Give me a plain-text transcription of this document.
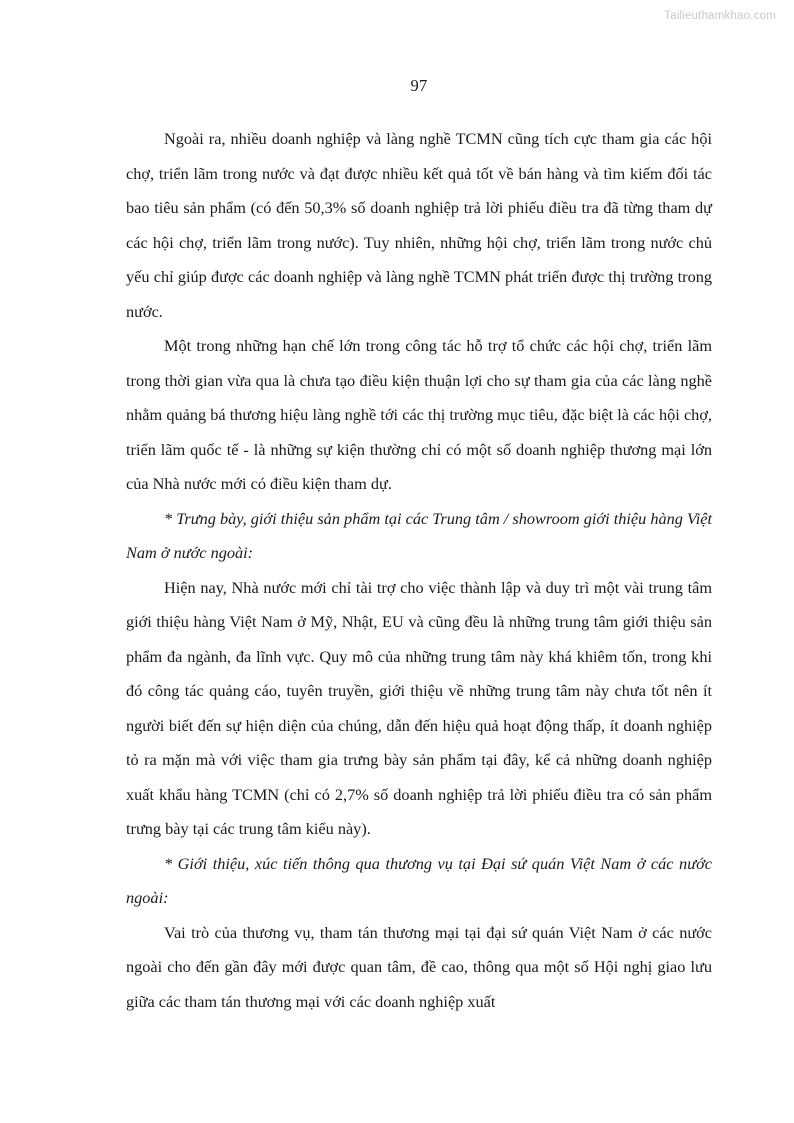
Tailieuthamkhao.com
97

Ngoài ra, nhiều doanh nghiệp và làng nghề TCMN cũng tích cực tham gia các hội chợ, triển lãm trong nước và đạt được nhiều kết quả tốt về bán hàng và tìm kiếm đối tác bao tiêu sản phẩm (có đến 50,3% số doanh nghiệp trả lời phiếu điều tra đã từng tham dự các hội chợ, triển lãm trong nước). Tuy nhiên, những hội chợ, triển lãm trong nước chủ yếu chỉ giúp được các doanh nghiệp và làng nghề TCMN phát triển được thị trường trong nước.

Một trong những hạn chế lớn trong công tác hỗ trợ tổ chức các hội chợ, triển lãm trong thời gian vừa qua là chưa tạo điều kiện thuận lợi cho sự tham gia của các làng nghề nhằm quảng bá thương hiệu làng nghề tới các thị trường mục tiêu, đặc biệt là các hội chợ, triển lãm quốc tế - là những sự kiện thường chỉ có một số doanh nghiệp thương mại lớn của Nhà nước mới có điều kiện tham dự.

* Trưng bày, giới thiệu sản phẩm tại các Trung tâm / showroom giới thiệu hàng Việt Nam ở nước ngoài:

Hiện nay, Nhà nước mới chỉ tài trợ cho việc thành lập và duy trì một vài trung tâm giới thiệu hàng Việt Nam ở Mỹ, Nhật, EU và cũng đều là những trung tâm giới thiệu sản phẩm đa ngành, đa lĩnh vực. Quy mô của những trung tâm này khá khiêm tốn, trong khi đó công tác quảng cáo, tuyên truyền, giới thiệu về những trung tâm này chưa tốt nên ít người biết đến sự hiện diện của chúng, dẫn đến hiệu quả hoạt động thấp, ít doanh nghiệp tỏ ra mặn mà với việc tham gia trưng bày sản phẩm tại đây, kể cả những doanh nghiệp xuất khẩu hàng TCMN (chỉ có 2,7% số doanh nghiệp trả lời phiếu điều tra có sản phẩm trưng bày tại các trung tâm kiểu này).

* Giới thiệu, xúc tiến thông qua thương vụ tại Đại sứ quán Việt Nam ở các nước ngoài:

Vai trò của thương vụ, tham tán thương mại tại đại sứ quán Việt Nam ở các nước ngoài cho đến gần đây mới được quan tâm, đề cao, thông qua một số Hội nghị giao lưu giữa các tham tán thương mại với các doanh nghiệp xuất
